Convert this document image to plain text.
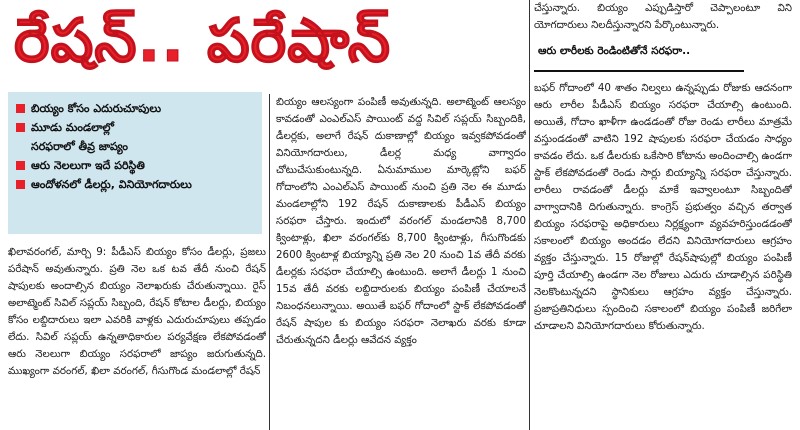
రేషన్.. పరేషాన్
బియ్యం కోసం ఎదురుచూపులు
మూడు మండలాల్లో
సరఫరాలో తీవ్ర జాప్యం
ఆరు నెలలుగా ఇదే పరిస్థితి
ఆందోళనలో డీలర్లు, వినియోగదారులు

ఖిలావరంగల్, మార్చి 9: పీడీఎస్ బియ్యం కోసం డీలర్లు, ప్రజలు పరేషాన్ అవుతున్నారు. ప్రతి నెల ఒక టవ తేదీ నుంచి రేషన్ షాపులకు అందాల్సిన బియ్యం నెలాఖరుకు చేరుతున్నాయి. రైస్ అలాట్మెంట్ సివిల్ సప్లయ్ సిబ్బంది, రేషన్ కోటాల డీలర్లు, బియ్యం కోసం లబ్దిదారులు ఇలా ఎవరికి వాళ్లకు ఎదురుచూపులు తప్పడం లేదు. సివిల్ సప్లయ్ ఉన్నతాధికారుల పర్యవేక్షణ లేకపోవడంతో ఆరు నెలలుగా బియ్యం సరఫరాలో జాప్యం జరుగుతున్నది. ముఖ్యంగా వరంగల్, ఖిలా వరంగల్, గీసుగొండ మండలాల్లో రేషన్

బియ్యం ఆలస్యంగా పంపిణీ అవుతున్నది. అలాట్మెంట్ ఆలస్యం కావడంతో ఎంఎల్ఎస్ పాయింట్ వద్ద సివిల్ సప్లయ్ సిబ్బందికి, డీలర్లకు, అలాగే రేషన్ దుకాణాల్లో బియ్యం ఇవ్వకపోవడంతో వినియోగదారులు, డీలర్ల మధ్య వాగ్వాదం చోటుచేసుకుంటున్నది. ఏనుమాముల మార్కెట్లోని బఫర్ గోదాంలోని ఎంఎల్ఎస్ పాయింట్ నుంచి ప్రతి నెల ఈ మూడు మండలాల్లోని 192 రేషన్ దుకాణాలకు పీడీఎస్ బియ్యం సరఫరా చేస్తారు. ఇందులో వరంగల్ మండలానికి 8,700 క్వింటాళ్లు, ఖిలా వరంగల్‌కు 8,700 క్వింటాళ్లు, గీసుగొండకు 2600 క్వింటాళ్ల బియ్యాన్ని ప్రతి నెల 20 నుంచి 1వ తేదీ వరకు డీలర్లకు సరఫరా చేయాల్సి ఉంటుంది. అలాగే డీలర్లు 1 నుంచి 15వ తేదీ వరకు లబ్దిదారులకు బియ్యం పంపిణీ చేయాలనే నిబంధనలున్నాయి. అయితే బఫర్ గోదాంలో స్టాక్ లేకపోవడంతో రేషన్ షాపుల కు బియ్యం సరఫరా నెలాఖరు వరకు కూడా చేరుతున్నదని డీలర్లు ఆవేదన వ్యక్తం

చేస్తున్నారు. బియ్యం ఎప్పుడిస్తారో చెప్పాలంటూ విని యోగదారులు నిలదీస్తున్నారని పేర్కొంటున్నారు.

ఆరు లారీలకు రెండింటితోనే సరఫరా..

బఫర్ గోదాంలో 40 శాతం నిల్వలు ఉన్నప్పుడు రోజుకు ఆదనంగా ఆరు లారీల పీడీఎస్ బియ్యం సరఫరా చేయాల్సి ఉంటుంది. అయితే, గోదాం ఖాళీగా ఉండడంతో రోజు రెండు లారీలు మాత్రమే వస్తుండడంతో వాటిని 192 షాపులకు సరఫరా చేయడం సాధ్యం కావడం లేదు. ఒక డీలరుకు ఒకేసారి కోటాను అందించాల్సి ఉండగా స్టాక్ లేకపోవడంతో రెండు సార్లు బియ్యాన్ని సరఫరా చేస్తున్నారు. లారీలు రావడంతో డీలర్లు మాకే ఇవ్వాలంటూ సిబ్బందితో వాగ్వాదానికి దిగుతున్నారు. కాంగ్రెస్ ప్రభుత్వం వచ్చిన తర్వాత బియ్యం సరఫరాపై అధికారులు నిర్లక్ష్యంగా వ్యవహరిస్తుండడంతో సకాలంలో బియ్యం అందడం లేదని వినియోగదారులు ఆగ్రహం వ్యక్తం చేస్తున్నారు. 15 రోజుల్లో రేషన్‌షాపుల్లో బియ్యం పంపిణీ పూర్తి చేయాల్సి ఉండగా నెల రోజులు ఎదురు చూడాల్సిన పరిస్థితి నెలకొంటున్నదని స్థానికులు ఆగ్రహం వ్యక్తం చేస్తున్నారు. ప్రజాప్రతినిధులు స్పందించి సకాలంలో బియ్యం పంపిణీ జరిగేలా చూడాలని వినియోగదారులు కోరుతున్నారు.
